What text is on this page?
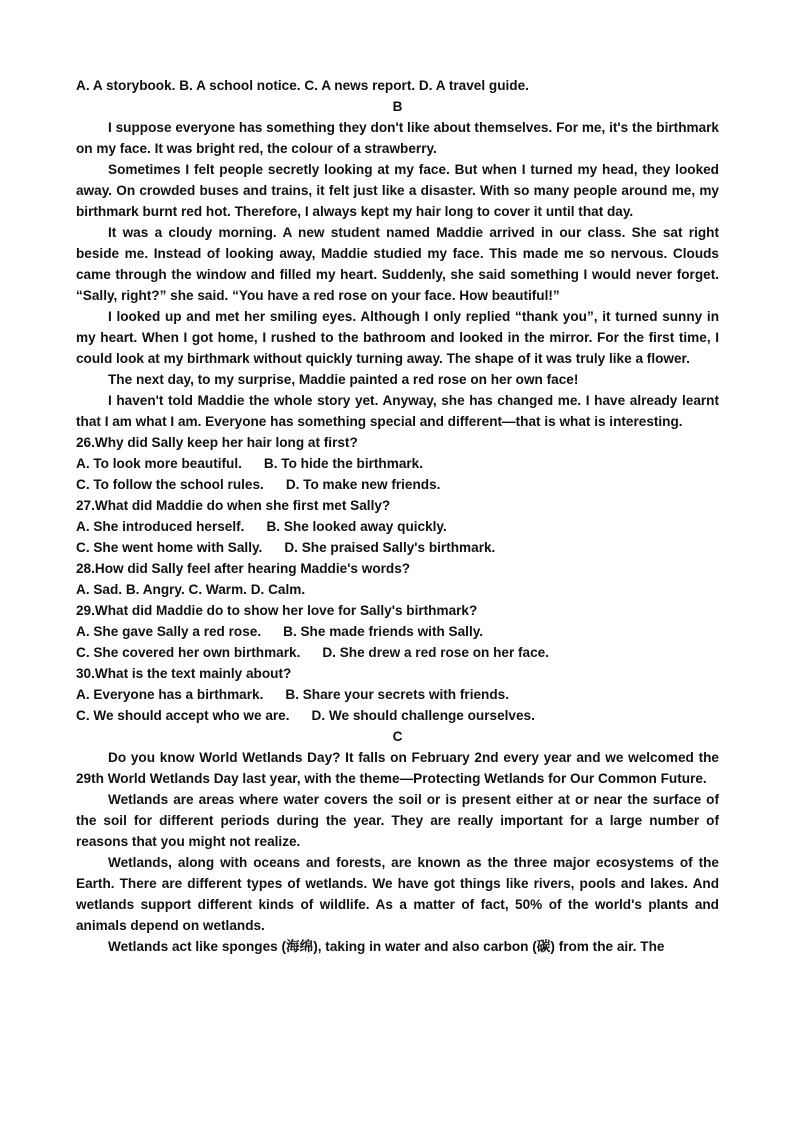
A. A storybook. B. A school notice. C. A news report. D. A travel guide.

B

I suppose everyone has something they don't like about themselves. For me, it's the birthmark on my face. It was bright red, the colour of a strawberry.

Sometimes I felt people secretly looking at my face. But when I turned my head, they looked away. On crowded buses and trains, it felt just like a disaster. With so many people around me, my birthmark burnt red hot. Therefore, I always kept my hair long to cover it until that day.

It was a cloudy morning. A new student named Maddie arrived in our class. She sat right beside me. Instead of looking away, Maddie studied my face. This made me so nervous. Clouds came through the window and filled my heart. Suddenly, she said something I would never forget. “Sally, right?” she said. “You have a red rose on your face. How beautiful!”

I looked up and met her smiling eyes. Although I only replied “thank you”, it turned sunny in my heart. When I got home, I rushed to the bathroom and looked in the mirror. For the first time, I could look at my birthmark without quickly turning away. The shape of it was truly like a flower.

The next day, to my surprise, Maddie painted a red rose on her own face!

I haven't told Maddie the whole story yet. Anyway, she has changed me. I have already learnt that I am what I am. Everyone has something special and different—that is what is interesting.

26.Why did Sally keep her hair long at first?

A. To look more beautiful. B. To hide the birthmark.

C. To follow the school rules. D. To make new friends.

27.What did Maddie do when she first met Sally?

A. She introduced herself. B. She looked away quickly.

C. She went home with Sally. D. She praised Sally's birthmark.

28.How did Sally feel after hearing Maddie's words?

A. Sad. B. Angry. C. Warm. D. Calm.

29.What did Maddie do to show her love for Sally's birthmark?

A. She gave Sally a red rose. B. She made friends with Sally.

C. She covered her own birthmark. D. She drew a red rose on her face.

30.What is the text mainly about?

A. Everyone has a birthmark. B. Share your secrets with friends.

C. We should accept who we are. D. We should challenge ourselves.

C

Do you know World Wetlands Day? It falls on February 2nd every year and we welcomed the 29th World Wetlands Day last year, with the theme—Protecting Wetlands for Our Common Future.

Wetlands are areas where water covers the soil or is present either at or near the surface of the soil for different periods during the year. They are really important for a large number of reasons that you might not realize.

Wetlands, along with oceans and forests, are known as the three major ecosystems of the Earth. There are different types of wetlands. We have got things like rivers, pools and lakes. And wetlands support different kinds of wildlife. As a matter of fact, 50% of the world's plants and animals depend on wetlands.

Wetlands act like sponges (海绵), taking in water and also carbon (碳) from the air. The
